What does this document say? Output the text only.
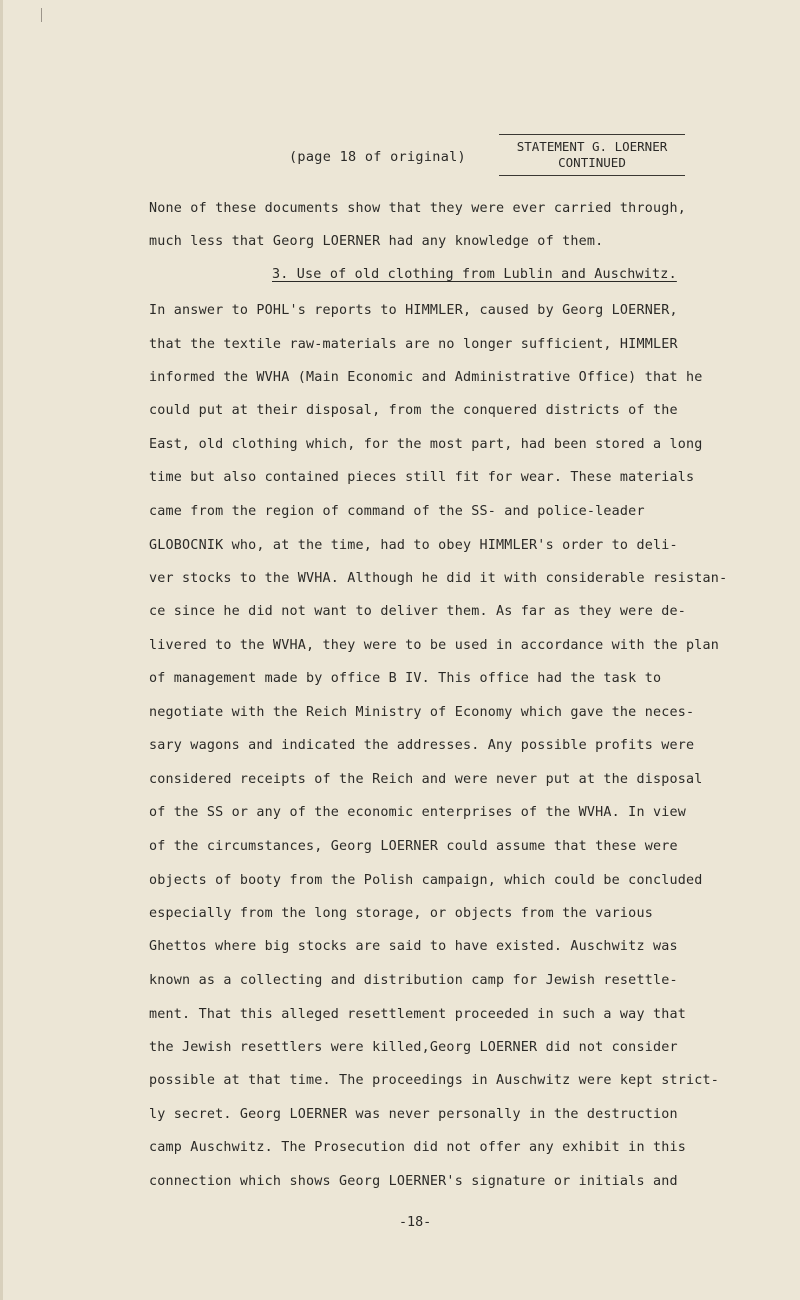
(page 18 of original)
STATEMENT G. LOERNER
CONTINUED
None of these documents show that they were ever carried through,
much less that Georg LOERNER had any knowledge of them.
3. Use of old clothing from Lublin and Auschwitz.
In answer to POHL's reports to HIMMLER, caused by Georg LOERNER,
that the textile raw-materials are no longer sufficient, HIMMLER
informed the WVHA (Main Economic and Administrative Office) that he
could put at their disposal, from the conquered districts of the
East, old clothing which, for the most part, had been stored a long
time but also contained pieces still fit for wear. These materials
came from the region of command of the SS- and police-leader
GLOBOCNIK who, at the time, had to obey HIMMLER's order to deli-
ver stocks to the WVHA. Although he did it with considerable resistan-
ce since he did not want to deliver them. As far as they were de-
livered to the WVHA, they were to be used in accordance with the plan
of management made by office B IV. This office had the task to
negotiate with the Reich Ministry of Economy which gave the neces-
sary wagons and indicated the addresses. Any possible profits were
considered receipts of the Reich and were never put at the disposal
of the SS or any of the economic enterprises of the WVHA. In view
of the circumstances, Georg LOERNER could assume that these were
objects of booty from the Polish campaign, which could be concluded
especially from the long storage, or objects from the various
Ghettos where big stocks are said to have existed. Auschwitz was
known as a collecting and distribution camp for Jewish resettle-
ment. That this alleged resettlement proceeded in such a way that
the Jewish resettlers were killed,Georg LOERNER did not consider
possible at that time. The proceedings in Auschwitz were kept strict-
ly secret. Georg LOERNER was never personally in the destruction
camp Auschwitz. The Prosecution did not offer any exhibit in this
connection which shows Georg LOERNER's signature or initials and
-18-
